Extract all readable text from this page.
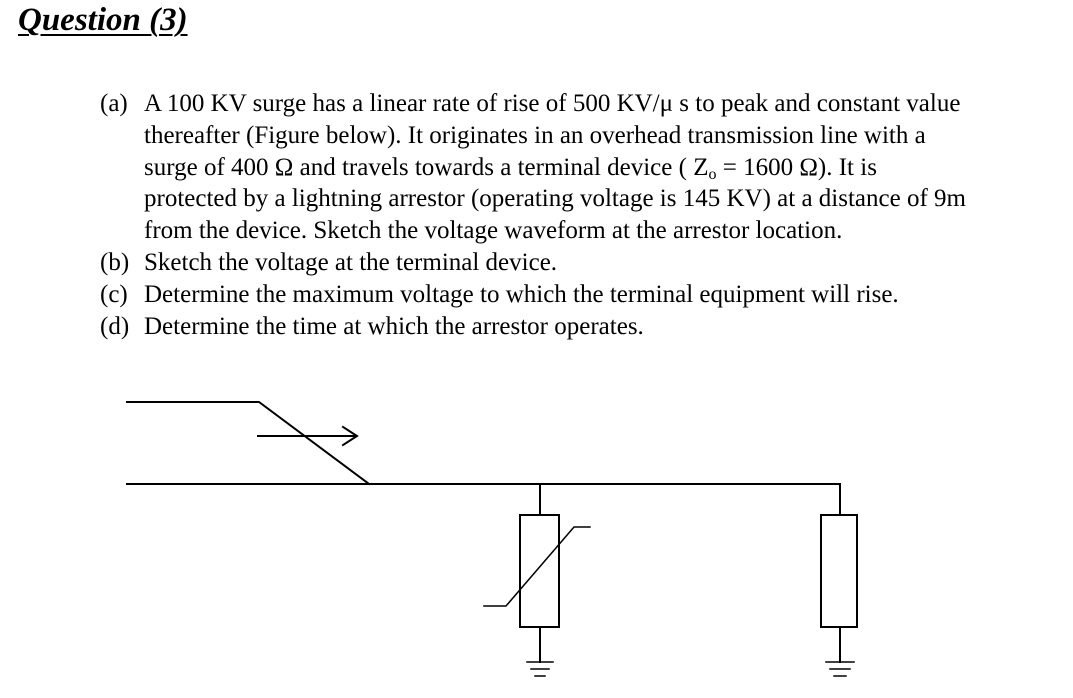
Question (3)
(a) A 100 KV surge has a linear rate of rise of 500 KV/μ s to peak and constant value
thereafter (Figure below). It originates in an overhead transmission line with a
surge of 400 Ω and travels towards a terminal device ( $Z_o = 1600$ Ω). It is
protected by a lightning arrestor (operating voltage is 145 KV) at a distance of 9m
from the device. Sketch the voltage waveform at the arrestor location.
(b) Sketch the voltage at the terminal device.
(c) Determine the maximum voltage to which the terminal equipment will rise.
(d) Determine the time at which the arrestor operates.
